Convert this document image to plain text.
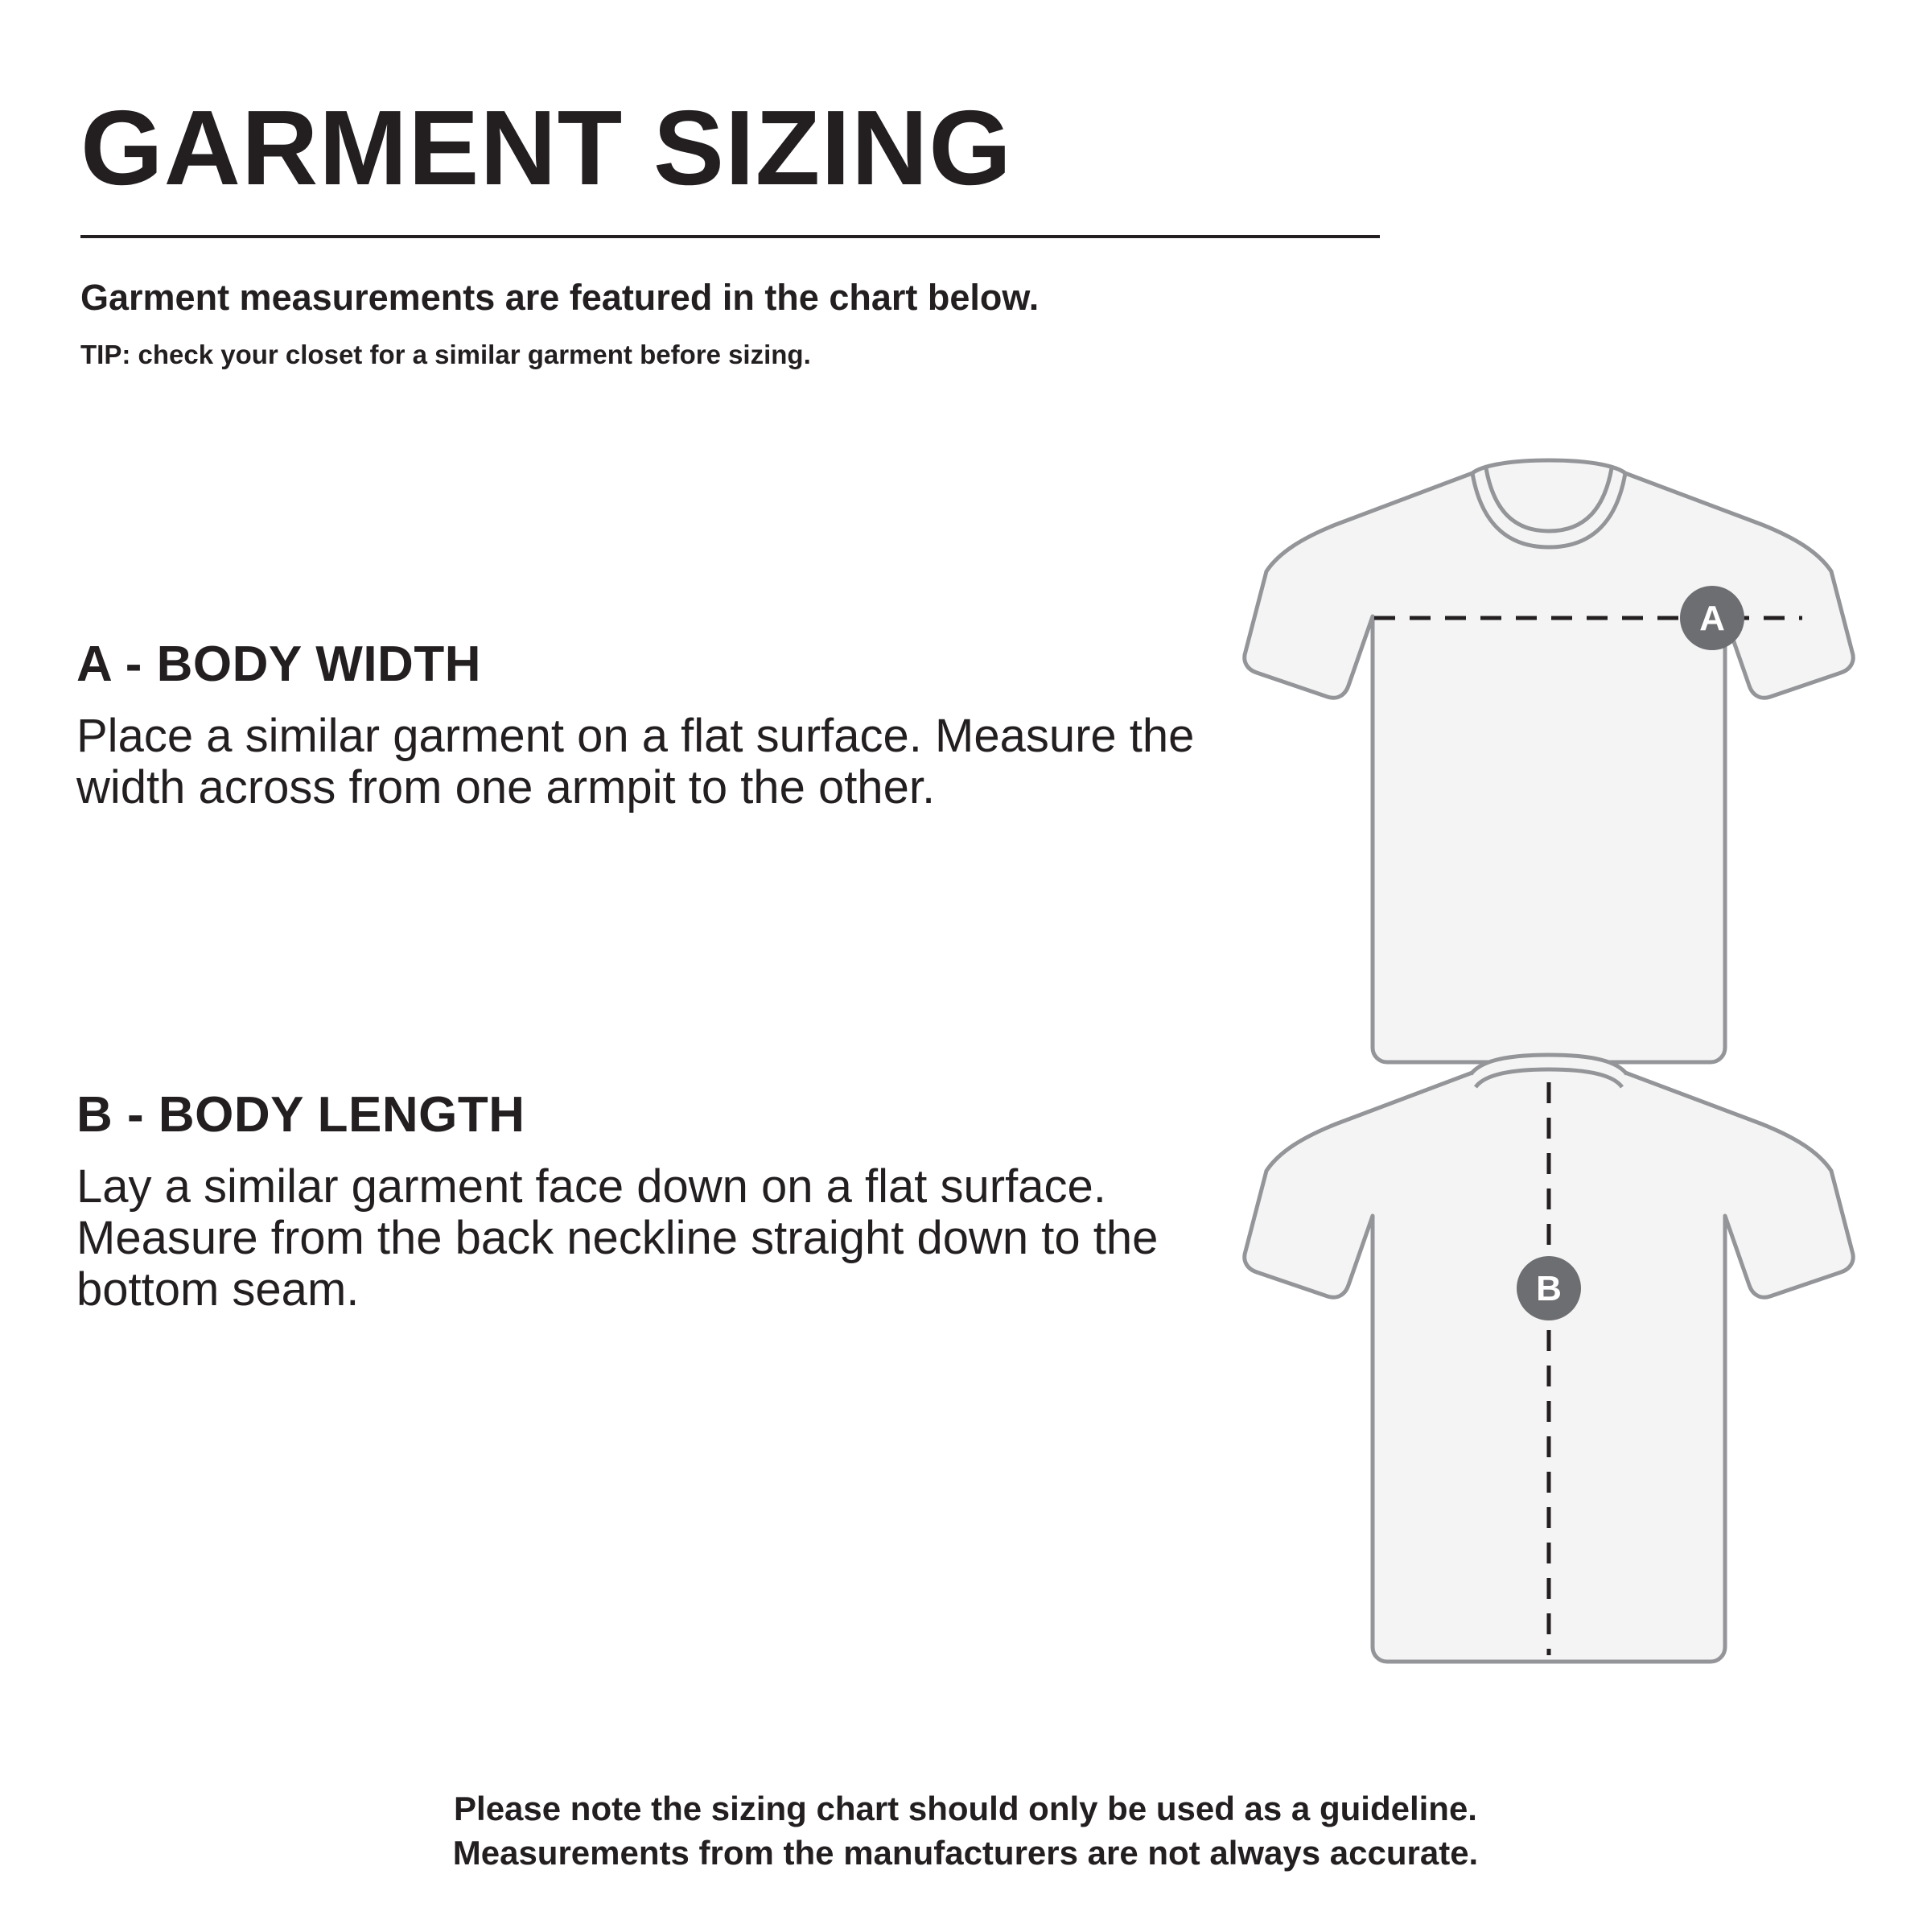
GARMENT SIZING
Garment measurements are featured in the chart below.
TIP: check your closet for a similar garment before sizing.
A - BODY WIDTH

Place a similar garment on a flat surface. Measure the width across from one armpit to the other.

B - BODY LENGTH

Lay a similar garment face down on a flat surface. Measure from the back neckline straight down to the bottom seam.

A
B
Please note the sizing chart should only be used as a guideline.
Measurements from the manufacturers are not always accurate.
